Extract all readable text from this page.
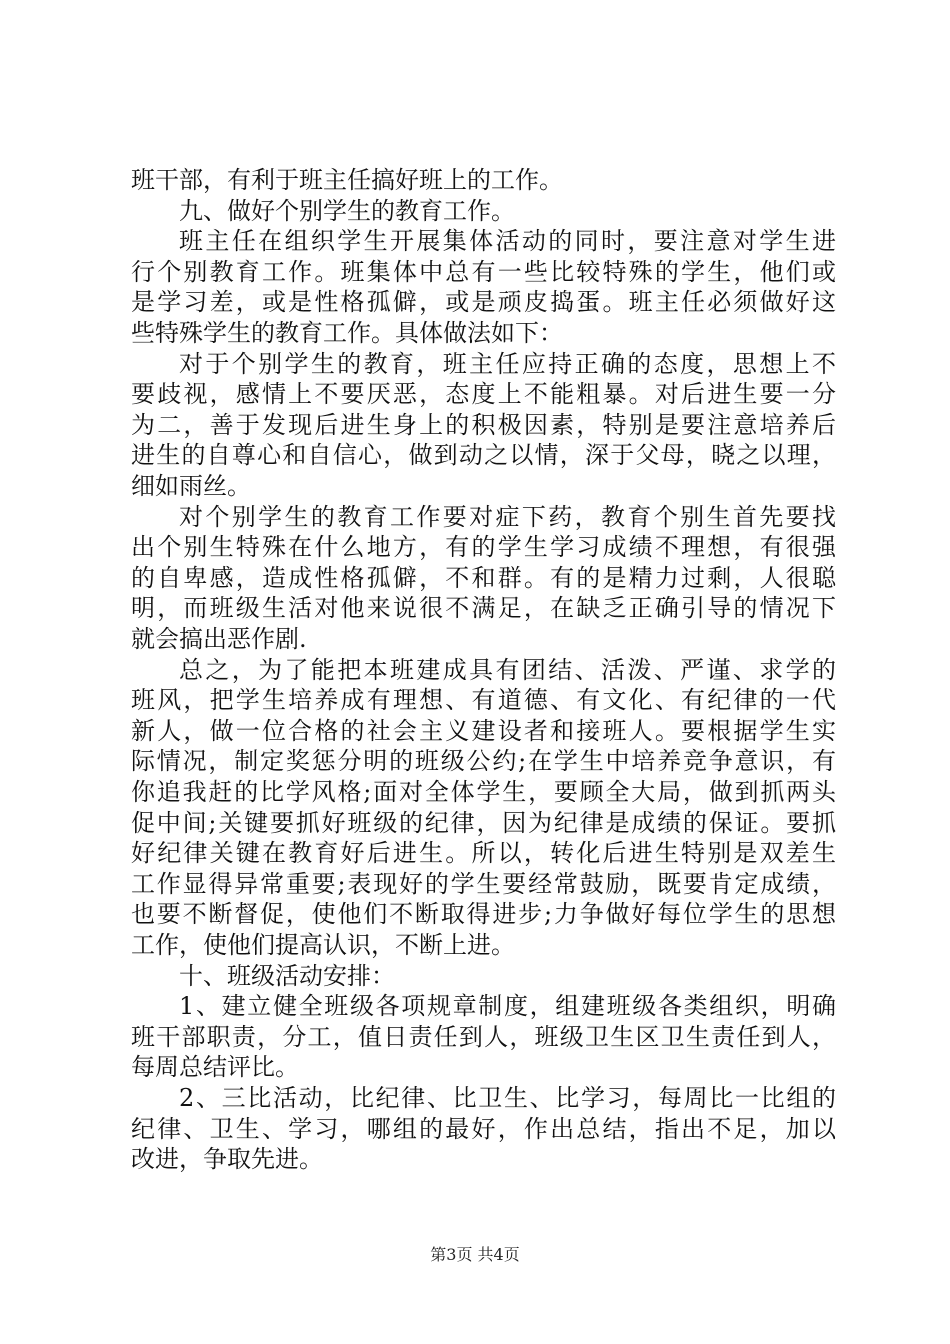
班干部，有利于班主任搞好班上的工作。
九、做好个别学生的教育工作。
班主任在组织学生开展集体活动的同时，要注意对学生进
行个别教育工作。班集体中总有一些比较特殊的学生，他们或
是学习差，或是性格孤僻，或是顽皮捣蛋。班主任必须做好这
些特殊学生的教育工作。具体做法如下：
对于个别学生的教育，班主任应持正确的态度，思想上不
要歧视，感情上不要厌恶，态度上不能粗暴。对后进生要一分
为二，善于发现后进生身上的积极因素，特别是要注意培养后
进生的自尊心和自信心，做到动之以情，深于父母，晓之以理，
细如雨丝。
对个别学生的教育工作要对症下药，教育个别生首先要找
出个别生特殊在什么地方，有的学生学习成绩不理想，有很强
的自卑感，造成性格孤僻，不和群。有的是精力过剩，人很聪
明，而班级生活对他来说很不满足，在缺乏正确引导的情况下
就会搞出恶作剧.
总之，为了能把本班建成具有团结、活泼、严谨、求学的
班风，把学生培养成有理想、有道德、有文化、有纪律的一代
新人，做一位合格的社会主义建设者和接班人。要根据学生实
际情况，制定奖惩分明的班级公约;在学生中培养竞争意识，有
你追我赶的比学风格;面对全体学生，要顾全大局，做到抓两头
促中间;关键要抓好班级的纪律，因为纪律是成绩的保证。要抓
好纪律关键在教育好后进生。所以，转化后进生特别是双差生
工作显得异常重要;表现好的学生要经常鼓励，既要肯定成绩，
也要不断督促，使他们不断取得进步;力争做好每位学生的思想
工作，使他们提高认识，不断上进。
十、班级活动安排：
1、建立健全班级各项规章制度，组建班级各类组织，明确
班干部职责，分工，值日责任到人，班级卫生区卫生责任到人，
每周总结评比。
2、三比活动，比纪律、比卫生、比学习，每周比一比组的
纪律、卫生、学习，哪组的最好，作出总结，指出不足，加以
改进，争取先进。
第3页 共4页
